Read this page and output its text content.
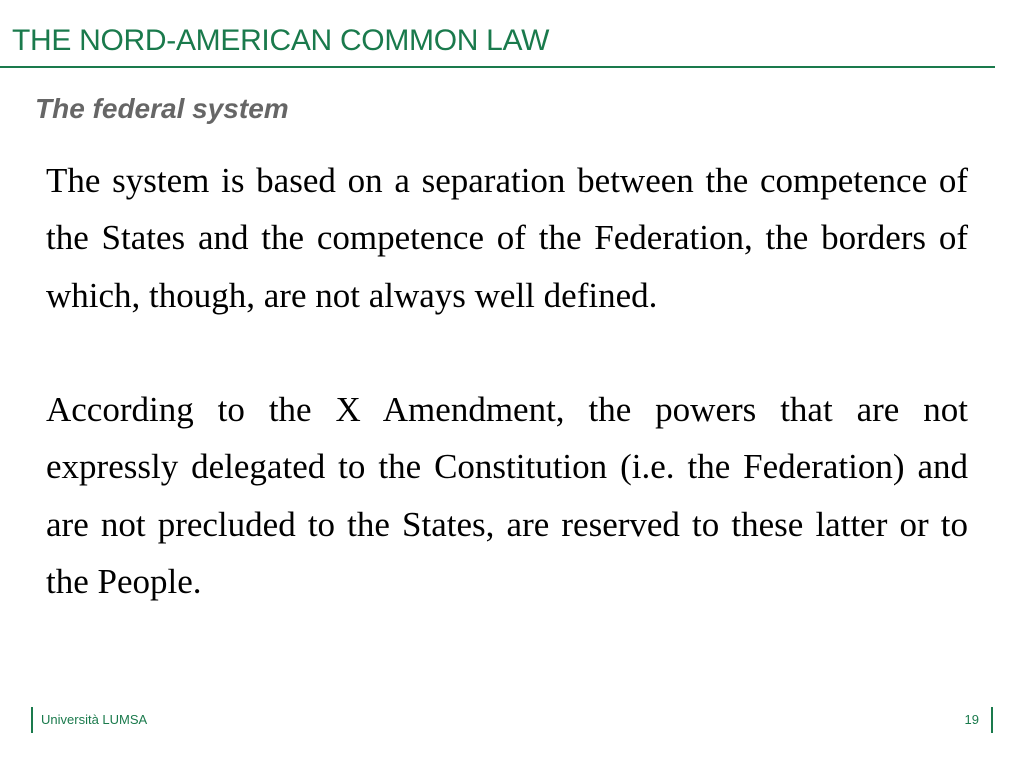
THE NORD-AMERICAN COMMON LAW
The federal system

The system is based on a separation between the competence of the States and the competence of the Federation, the borders of which, though, are not always well defined.

According to the X Amendment, the powers that are not expressly delegated to the Constitution (i.e. the Federation) and are not precluded to the States, are reserved to these latter or to the People.

Università LUMSA	19
